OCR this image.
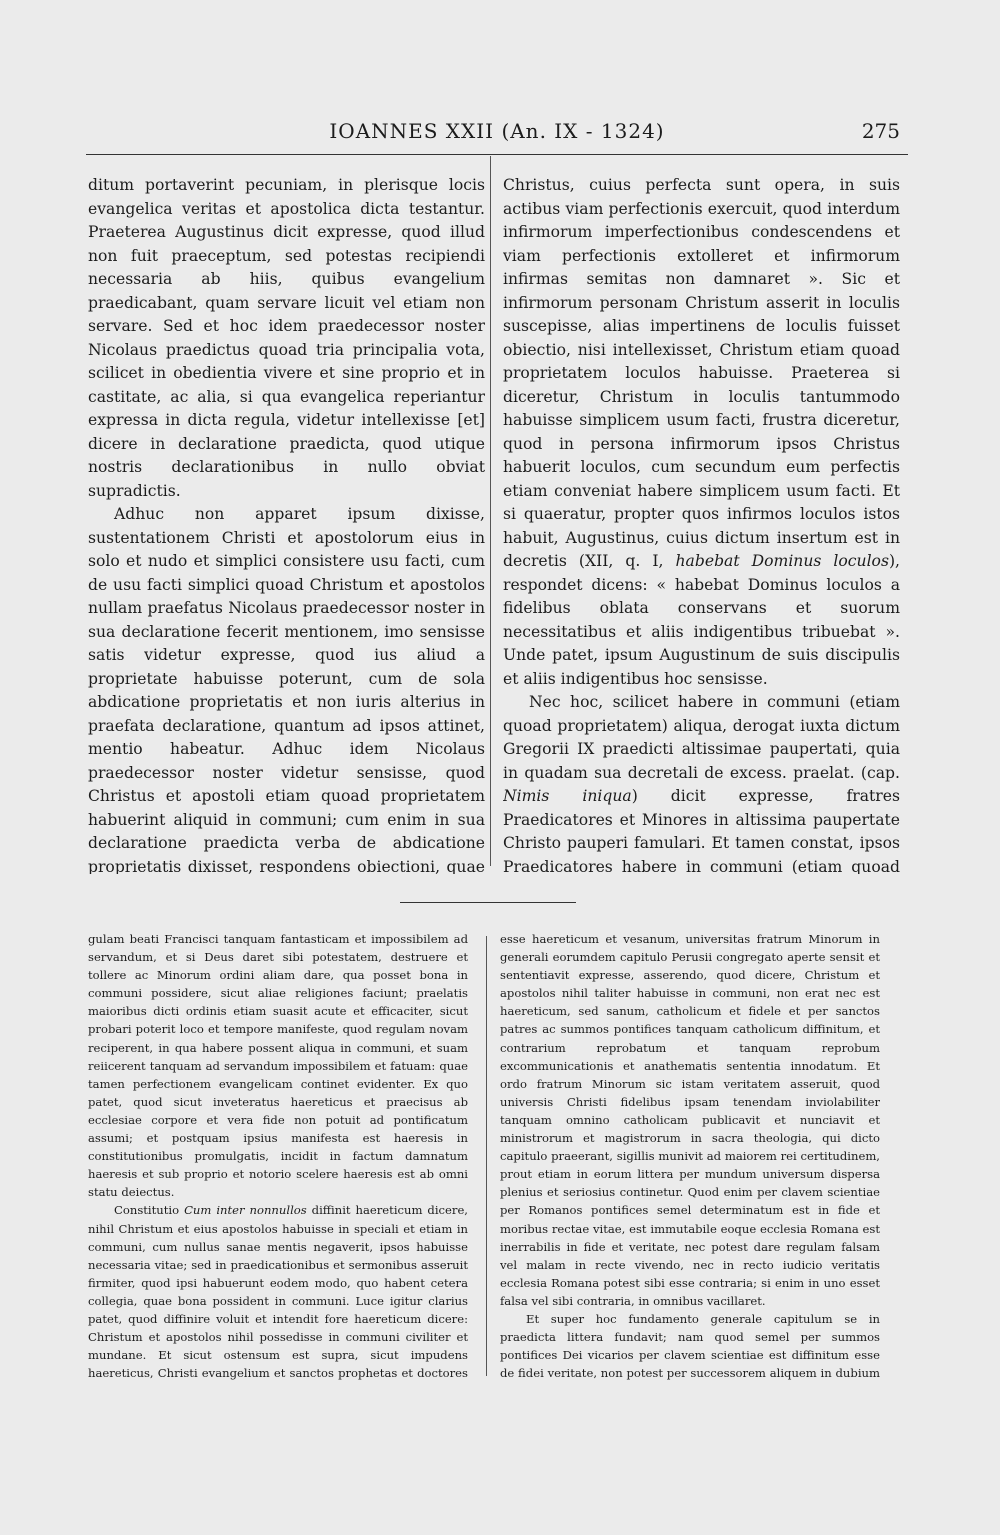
IOANNES XXII (An. IX - 1324)	275
ditum portaverint pecuniam, in plerisque locis evangelica veritas et apostolica dicta testantur. Praeterea Augustinus dicit expresse, quod illud non fuit praeceptum, sed potestas recipiendi necessaria ab hiis, quibus evangelium praedicabant, quam servare licuit vel etiam non servare. Sed et hoc idem praedecessor noster Nicolaus praedictus quoad tria principalia vota, scilicet in obedientia vivere et sine proprio et in castitate, ac alia, si qua evangelica reperiantur expressa in dicta regula, videtur intellexisse [et] dicere in declaratione praedicta, quod utique nostris declarationibus in nullo obviat supradictis.
Adhuc non apparet ipsum dixisse, sustentationem Christi et apostolorum eius in solo et nudo et simplici consistere usu facti, cum de usu facti simplici quoad Christum et apostolos nullam praefatus Nicolaus praedecessor noster in sua declaratione fecerit mentionem, imo sensisse satis videtur expresse, quod ius aliud a proprietate habuisse poterunt, cum de sola abdicatione proprietatis et non iuris alterius in praefata declaratione, quantum ad ipsos attinet, mentio habeatur. Adhuc idem Nicolaus praedecessor noster videtur sensisse, quod Christus et apostoli etiam quoad proprietatem habuerint aliquid in communi; cum enim in sua declaratione praedicta verba de abdicatione proprietatis dixisset, respondens obiectioni, quae
Christus, cuius perfecta sunt opera, in suis actibus viam perfectionis exercuit, quod interdum infirmorum imperfectionibus condescendens et viam perfectionis extolleret et infirmorum infirmas semitas non damnaret ». Sic et infirmorum personam Christum asserit in loculis suscepisse, alias impertinens de loculis fuisset obiectio, nisi intellexisset, Christum etiam quoad proprietatem loculos habuisse. Praeterea si diceretur, Christum in loculis tantummodo habuisse simplicem usum facti, frustra diceretur, quod in persona infirmorum ipsos Christus habuerit loculos, cum secundum eum perfectis etiam conveniat habere simplicem usum facti. Et si quaeratur, propter quos infirmos loculos istos habuit, Augustinus, cuius dictum insertum est in decretis (XII, q. I, habebat Dominus loculos), respondet dicens: « habebat Dominus loculos a fidelibus oblata conservans et suorum necessitatibus et aliis indigentibus tribuebat ». Unde patet, ipsum Augustinum de suis discipulis et aliis indigentibus hoc sensisse.
Nec hoc, scilicet habere in communi (etiam quoad proprietatem) aliqua, derogat iuxta dictum Gregorii IX praedicti altissimae paupertati, quia in quadam sua decretali de excess. praelat. (cap. Nimis iniqua) dicit expresse, fratres Praedicatores et Minores in altissima paupertate Christo pauperi famulari. Et tamen constat, ipsos Praedicatores habere in communi (etiam quoad
gulam beati Francisci tanquam fantasticam et impossibilem ad servandum, et si Deus daret sibi potestatem, destruere et tollere ac Minorum ordini aliam dare, qua posset bona in communi possidere, sicut aliae religiones faciunt; praelatis maioribus dicti ordinis etiam suasit acute et efficaciter, sicut probari poterit loco et tempore manifeste, quod regulam novam reciperent, in qua habere possent aliqua in communi, et suam reiicerent tanquam ad servandum impossibilem et fatuam: quae tamen perfectionem evangelicam continet evidenter. Ex quo patet, quod sicut inveteratus haereticus et praecisus ab ecclesiae corpore et vera fide non potuit ad pontificatum assumi; et postquam ipsius manifesta est haeresis in constitutionibus promulgatis, incidit in factum damnatum haeresis et sub proprio et notorio scelere haeresis est ab omni statu deiectus.
Constitutio Cum inter nonnullos diffinit haereticum dicere, nihil Christum et eius apostolos habuisse in speciali et etiam in communi, cum nullus sanae mentis negaverit, ipsos habuisse necessaria vitae; sed in praedicationibus et sermonibus asseruit firmiter, quod ipsi habuerunt eodem modo, quo habent cetera collegia, quae bona possident in communi. Luce igitur clarius patet, quod diffinire voluit et intendit fore haereticum dicere: Christum et apostolos nihil possedisse in communi civiliter et mundane. Et sicut ostensum est supra, sicut impudens haereticus, Christi evangelium et sanctos prophetas et doctores
esse haereticum et vesanum, universitas fratrum Minorum in generali eorumdem capitulo Perusii congregato aperte sensit et sententiavit expresse, asserendo, quod dicere, Christum et apostolos nihil taliter habuisse in communi, non erat nec est haereticum, sed sanum, catholicum et fidele et per sanctos patres ac summos pontifices tanquam catholicum diffinitum, et contrarium reprobatum et tanquam reprobum excommunicationis et anathematis sententia innodatum. Et ordo fratrum Minorum sic istam veritatem asseruit, quod universis Christi fidelibus ipsam tenendam inviolabiliter tanquam omnino catholicam publicavit et nunciavit et ministrorum et magistrorum in sacra theologia, qui dicto capitulo praeerant, sigillis munivit ad maiorem rei certitudinem, prout etiam in eorum littera per mundum universum dispersa plenius et seriosius continetur. Quod enim per clavem scientiae per Romanos pontifices semel determinatum est in fide et moribus rectae vitae, est immutabile eoque ecclesia Romana est inerrabilis in fide et veritate, nec potest dare regulam falsam vel malam in recte vivendo, nec in recto iudicio veritatis ecclesia Romana potest sibi esse contraria; si enim in uno esset falsa vel sibi contraria, in omnibus vacillaret.
Et super hoc fundamento generale capitulum se in praedicta littera fundavit; nam quod semel per summos pontifices Dei vicarios per clavem scientiae est diffinitum esse de fidei veritate, non potest per successorem aliquem in dubium
